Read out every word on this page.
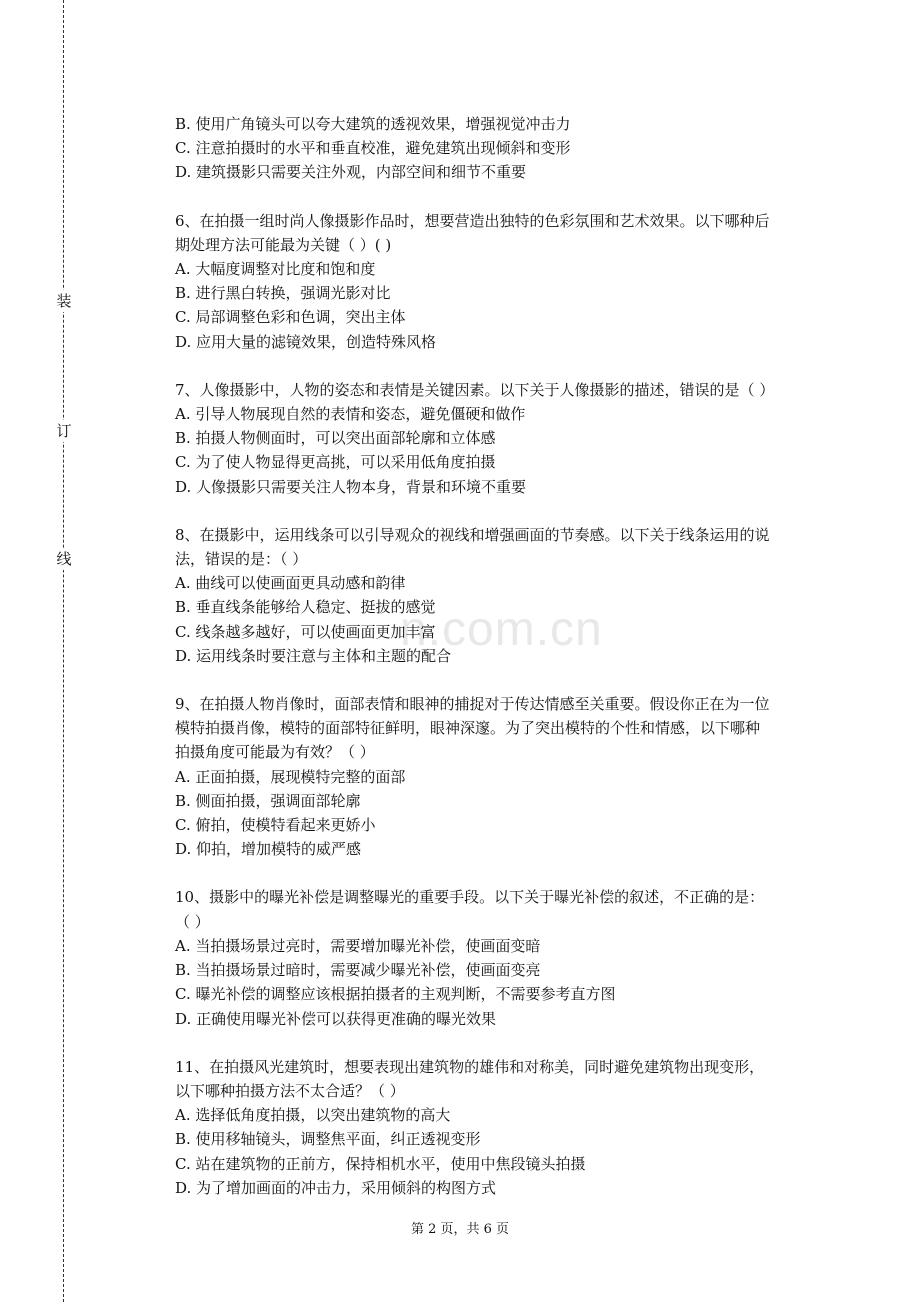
装
订
线
n.com.cn
B. 使用广角镜头可以夸大建筑的透视效果，增强视觉冲击力
C. 注意拍摄时的水平和垂直校准，避免建筑出现倾斜和变形
D. 建筑摄影只需要关注外观，内部空间和细节不重要
6、在拍摄一组时尚人像摄影作品时，想要营造出独特的色彩氛围和艺术效果。以下哪种后
期处理方法可能最为关键（ ）( )
A. 大幅度调整对比度和饱和度
B. 进行黑白转换，强调光影对比
C. 局部调整色彩和色调，突出主体
D. 应用大量的滤镜效果，创造特殊风格
7、人像摄影中，人物的姿态和表情是关键因素。以下关于人像摄影的描述，错误的是（ ）
A. 引导人物展现自然的表情和姿态，避免僵硬和做作
B. 拍摄人物侧面时，可以突出面部轮廓和立体感
C. 为了使人物显得更高挑，可以采用低角度拍摄
D. 人像摄影只需要关注人物本身，背景和环境不重要
8、在摄影中，运用线条可以引导观众的视线和增强画面的节奏感。以下关于线条运用的说
法，错误的是：（ ）
A. 曲线可以使画面更具动感和韵律
B. 垂直线条能够给人稳定、挺拔的感觉
C. 线条越多越好，可以使画面更加丰富
D. 运用线条时要注意与主体和主题的配合
9、在拍摄人物肖像时，面部表情和眼神的捕捉对于传达情感至关重要。假设你正在为一位
模特拍摄肖像，模特的面部特征鲜明，眼神深邃。为了突出模特的个性和情感，以下哪种
拍摄角度可能最为有效？（ ）
A. 正面拍摄，展现模特完整的面部
B. 侧面拍摄，强调面部轮廓
C. 俯拍，使模特看起来更娇小
D. 仰拍，增加模特的威严感
10、摄影中的曝光补偿是调整曝光的重要手段。以下关于曝光补偿的叙述，不正确的是：
（ ）
A. 当拍摄场景过亮时，需要增加曝光补偿，使画面变暗
B. 当拍摄场景过暗时，需要减少曝光补偿，使画面变亮
C. 曝光补偿的调整应该根据拍摄者的主观判断，不需要参考直方图
D. 正确使用曝光补偿可以获得更准确的曝光效果
11、在拍摄风光建筑时，想要表现出建筑物的雄伟和对称美，同时避免建筑物出现变形，
以下哪种拍摄方法不太合适？（ ）
A. 选择低角度拍摄，以突出建筑物的高大
B. 使用移轴镜头，调整焦平面，纠正透视变形
C. 站在建筑物的正前方，保持相机水平，使用中焦段镜头拍摄
D. 为了增加画面的冲击力，采用倾斜的构图方式
第 2 页，共 6 页
